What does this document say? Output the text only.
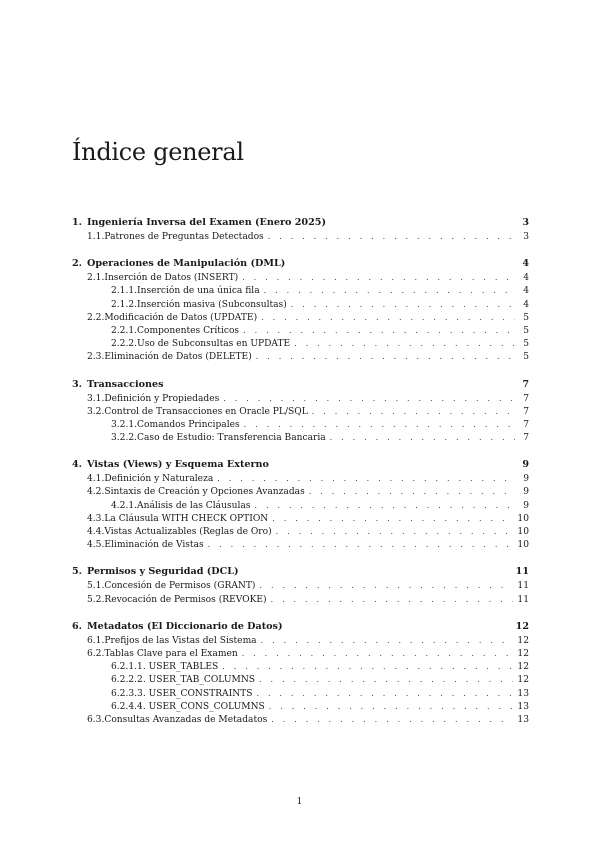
Índice general
1. Ingeniería Inversa del Examen (Enero 2025)	3
1.1. Patrones de Preguntas Detectados . . .	3
2. Operaciones de Manipulación (DML)	4
2.1. Inserción de Datos (INSERT) . . .	4
2.1.1. Inserción de una única fila . . .	4
2.1.2. Inserción masiva (Subconsultas) . . .	4
2.2. Modificación de Datos (UPDATE) . . .	5
2.2.1. Componentes Críticos . . .	5
2.2.2. Uso de Subconsultas en UPDATE . . .	5
2.3. Eliminación de Datos (DELETE) . . .	5
3. Transacciones	7
3.1. Definición y Propiedades . . .	7
3.2. Control de Transacciones en Oracle PL/SQL . . .	7
3.2.1. Comandos Principales . . .	7
3.2.2. Caso de Estudio: Transferencia Bancaria . . .	7
4. Vistas (Views) y Esquema Externo	9
4.1. Definición y Naturaleza . . .	9
4.2. Sintaxis de Creación y Opciones Avanzadas . . .	9
4.2.1. Análisis de las Cláusulas . . .	9
4.3. La Cláusula WITH CHECK OPTION . . .	10
4.4. Vistas Actualizables (Reglas de Oro) . . .	10
4.5. Eliminación de Vistas . . .	10
5. Permisos y Seguridad (DCL)	11
5.1. Concesión de Permisos (GRANT) . . .	11
5.2. Revocación de Permisos (REVOKE) . . .	11
6. Metadatos (El Diccionario de Datos)	12
6.1. Prefijos de las Vistas del Sistema . . .	12
6.2. Tablas Clave para el Examen . . .	12
6.2.1. 1. USER_TABLES . . .	12
6.2.2. 2. USER_TAB_COLUMNS . . .	12
6.2.3. 3. USER_CONSTRAINTS . . .	13
6.2.4. 4. USER_CONS_COLUMNS . . .	13
6.3. Consultas Avanzadas de Metadatos . . .	13
1
